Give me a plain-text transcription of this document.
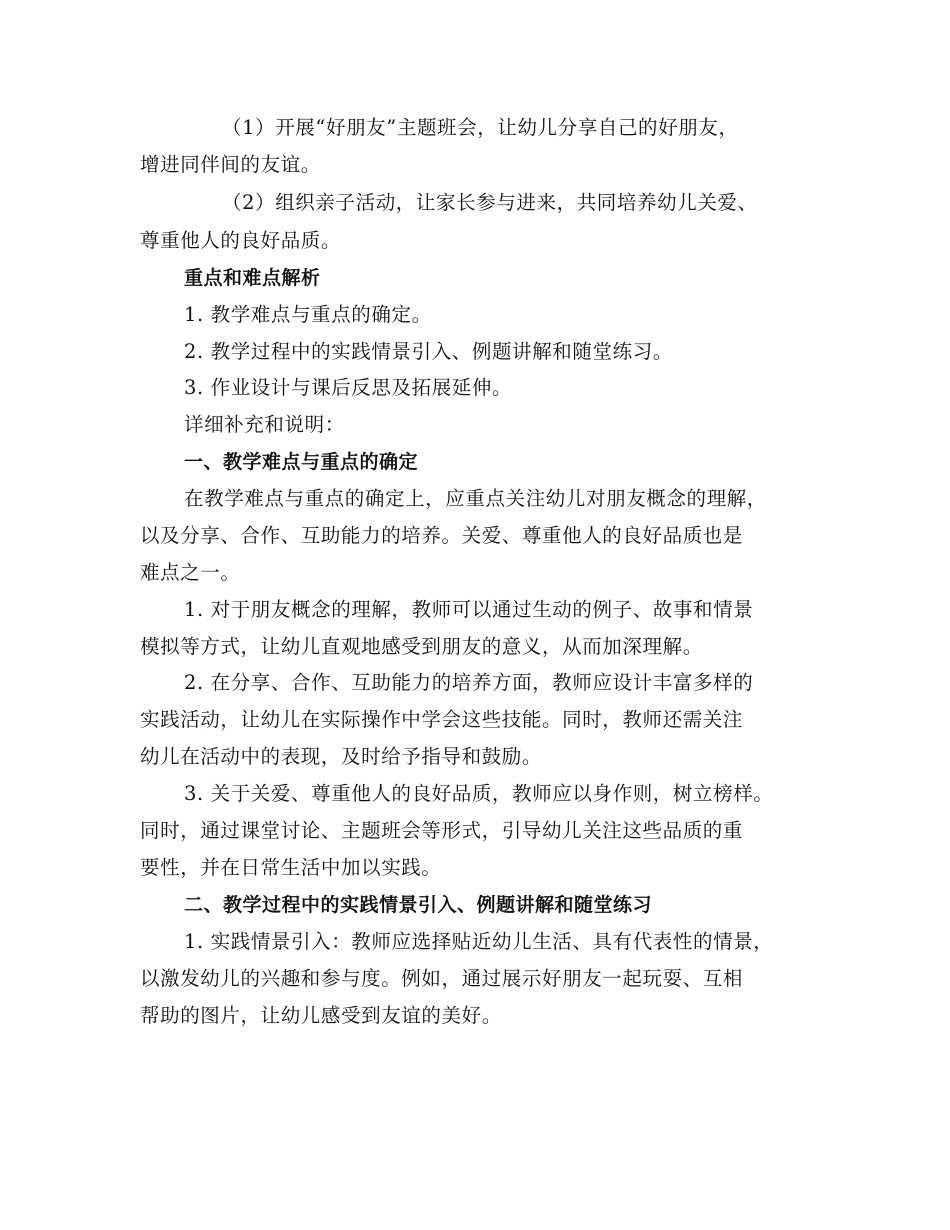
（1）开展“好朋友”主题班会，让幼儿分享自己的好朋友，
增进同伴间的友谊。
（2）组织亲子活动，让家长参与进来，共同培养幼儿关爱、
尊重他人的良好品质。
重点和难点解析
1. 教学难点与重点的确定。
2. 教学过程中的实践情景引入、例题讲解和随堂练习。
3. 作业设计与课后反思及拓展延伸。
详细补充和说明：
一、教学难点与重点的确定
在教学难点与重点的确定上，应重点关注幼儿对朋友概念的理解，
以及分享、合作、互助能力的培养。关爱、尊重他人的良好品质也是
难点之一。
1. 对于朋友概念的理解，教师可以通过生动的例子、故事和情景
模拟等方式，让幼儿直观地感受到朋友的意义，从而加深理解。
2. 在分享、合作、互助能力的培养方面，教师应设计丰富多样的
实践活动，让幼儿在实际操作中学会这些技能。同时，教师还需关注
幼儿在活动中的表现，及时给予指导和鼓励。
3. 关于关爱、尊重他人的良好品质，教师应以身作则，树立榜样。
同时，通过课堂讨论、主题班会等形式，引导幼儿关注这些品质的重
要性，并在日常生活中加以实践。
二、教学过程中的实践情景引入、例题讲解和随堂练习
1. 实践情景引入：教师应选择贴近幼儿生活、具有代表性的情景，
以激发幼儿的兴趣和参与度。例如，通过展示好朋友一起玩耍、互相
帮助的图片，让幼儿感受到友谊的美好。
